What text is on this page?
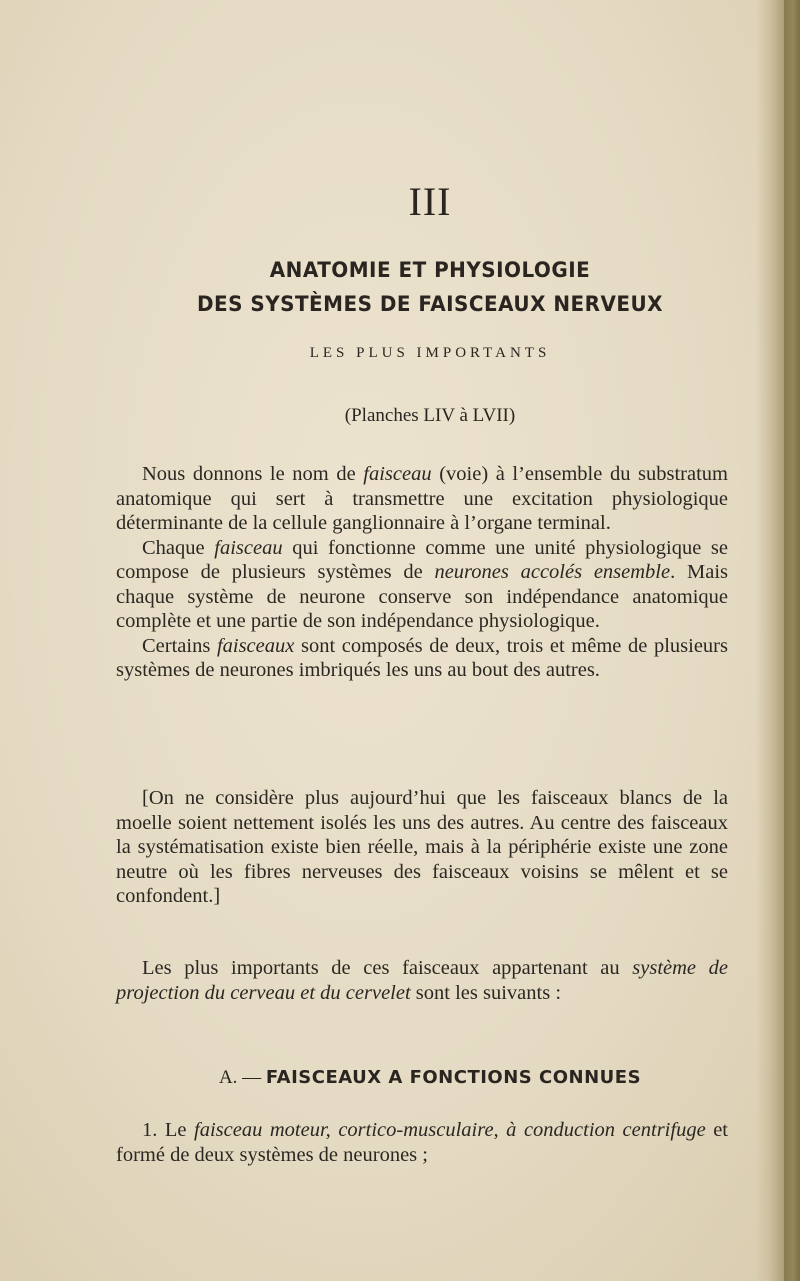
III
ANATOMIE ET PHYSIOLOGIE
DES SYSTÈMES DE FAISCEAUX NERVEUX
LES PLUS IMPORTANTS
(Planches LIV à LVII)

Nous donnons le nom de faisceau (voie) à l’ensemble du substratum anatomique qui sert à transmettre une excitation physiologique déterminante de la cellule ganglionnaire à l’organe terminal.

Chaque faisceau qui fonctionne comme une unité physiologique se compose de plusieurs systèmes de neurones accolés ensemble. Mais chaque système de neurone conserve son indépendance anatomique complète et une partie de son indépendance physiologique.

Certains faisceaux sont composés de deux, trois et même de plusieurs systèmes de neurones imbriqués les uns au bout des autres.

[On ne considère plus aujourd’hui que les faisceaux blancs de la moelle soient nettement isolés les uns des autres. Au centre des faisceaux la systématisation existe bien réelle, mais à la périphérie existe une zone neutre où les fibres nerveuses des faisceaux voisins se mêlent et se confondent.]

Les plus importants de ces faisceaux appartenant au système de projection du cerveau et du cervelet sont les suivants :

A. — FAISCEAUX A FONCTIONS CONNUES

1. Le faisceau moteur, cortico-musculaire, à conduction centrifuge et formé de deux systèmes de neurones ;
